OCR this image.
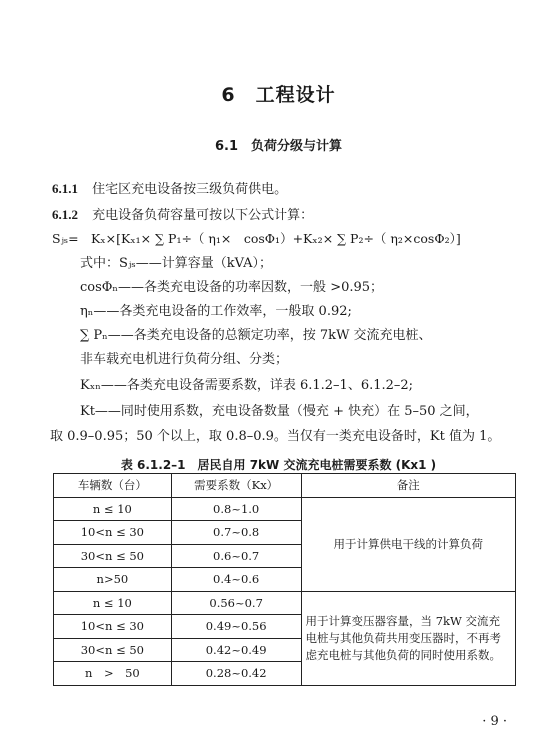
6　工程设计
6.1　负荷分级与计算
6.1.1 住宅区充电设备按三级负荷供电。
6.1.2 充电设备负荷容量可按以下公式计算：
Sⱼₛ=　Kₓ×[Kₓ₁× ∑ P₁÷（ η₁×　cosΦ₁）+Kₓ₂× ∑ P₂÷（ η₂×cosΦ₂）]
式中：Sⱼₛ——计算容量（kVA）；
cosΦₙ——各类充电设备的功率因数，一般 >0.95；
ηₙ——各类充电设备的工作效率，一般取 0.92;
∑ Pₙ——各类充电设备的总额定功率，按 7kW 交流充电桩、
非车载充电机进行负荷分组、分类；
Kₓₙ——各类充电设备需要系数，详表 6.1.2–1、6.1.2–2;
Kt——同时使用系数，充电设备数量（慢充 + 快充）在 5–50 之间，
取 0.9–0.95；50 个以上，取 0.8–0.9。当仅有一类充电设备时，Kt 值为 1。
表 6.1.2–1　居民自用 7kW 交流充电桩需要系数 (Kx1 )
车辆数（台）	需要系数（Kx）	备注
n ≤ 10	0.8~1.0	用于计算供电干线的计算负荷
10<n ≤ 30	0.7~0.8	
30<n ≤ 50	0.6~0.7	
n>50	0.4~0.6	
n ≤ 10	0.56~0.7	用于计算变压器容量，当 7kW 交流充电桩与其他负荷共用变压器时，不再考虑充电桩与其他负荷的同时使用系数。
10<n ≤ 30	0.49~0.56	
30<n ≤ 50	0.42~0.49	
n　>　50	0.28~0.42	
· 9 ·
